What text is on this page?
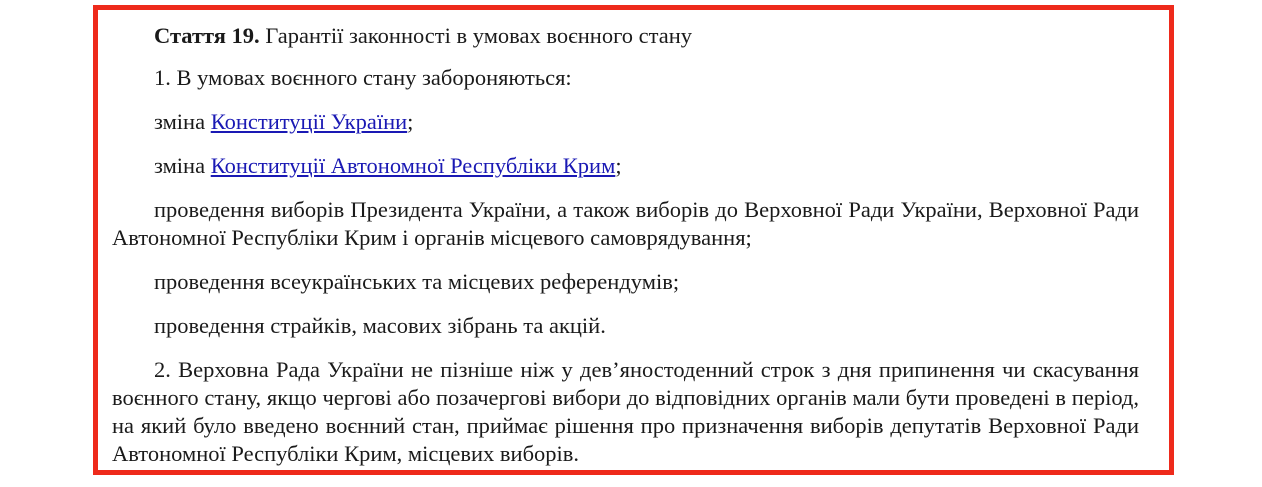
Стаття 19. Гарантії законності в умовах воєнного стану

1. В умовах воєнного стану забороняються:

зміна Конституції України;

зміна Конституції Автономної Республіки Крим;

проведення виборів Президента України, а також виборів до Верховної Ради України, Верховної Ради Автономної Республіки Крим і органів місцевого самоврядування;

проведення всеукраїнських та місцевих референдумів;

проведення страйків, масових зібрань та акцій.

2. Верховна Рада України не пізніше ніж у дев’яностоденний строк з дня припинення чи скасування воєнного стану, якщо чергові або позачергові вибори до відповідних органів мали бути проведені в період, на який було введено воєнний стан, приймає рішення про призначення виборів депутатів Верховної Ради Автономної Республіки Крим, місцевих виборів.
